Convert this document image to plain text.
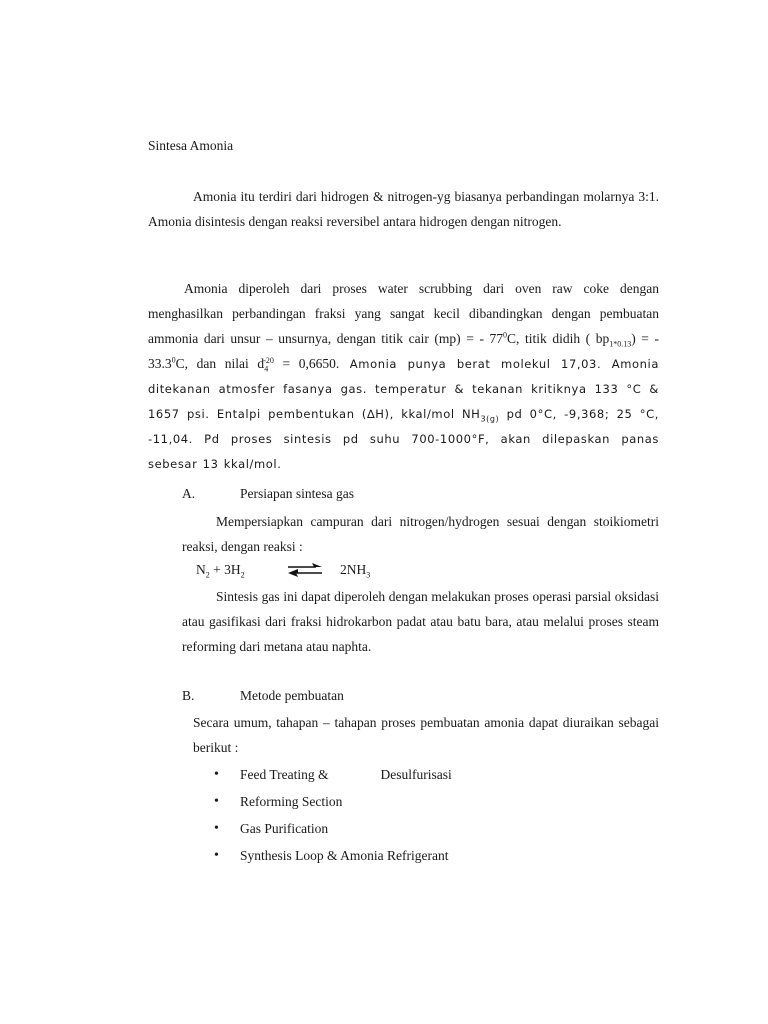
Sintesa Amonia
Amonia itu terdiri dari hidrogen & nitrogen-yg biasanya perbandingan molarnya 3:1. Amonia disintesis dengan reaksi reversibel antara hidrogen dengan nitrogen.
Amonia diperoleh dari proses water scrubbing dari oven raw coke dengan menghasilkan perbandingan fraksi yang sangat kecil dibandingkan dengan pembuatan ammonia dari unsur – unsurnya, dengan titik cair (mp) = - $77^0C$, titik didih ( $bp_{1*0.13}$) = - 33.3$^0$C, dan nilai $d_4^{-20} = 0,6650$. Amonia punya berat molekul 17,03. Amonia ditekanan atmosfer fasanya gas. temperatur & tekanan kritiknya 133 °C & 1657 psi. Entalpi pembentukan (∆H), kkal/mol $NH_{3(g)}$ pd 0°C, -9,368; 25 °C, -11,04. Pd proses sintesis pd suhu 700-1000°F, akan dilepaskan panas sebesar 13 kkal/mol.
A.	Persiapan sintesa gas
Mempersiapkan campuran dari nitrogen/hydrogen sesuai dengan stoikiometri reaksi, dengan reaksi :
$N_2 + 3H_2$	⇌ $2NH_3$
Sintesis gas ini dapat diperoleh dengan melakukan proses operasi parsial oksidasi atau gasifikasi dari fraksi hidrokarbon padat atau batu bara, atau melalui proses steam reforming dari metana atau naphta.
B.	Metode pembuatan
Secara umum, tahapan – tahapan proses pembuatan amonia dapat diuraikan sebagai berikut :
•	Feed Treating &	Desulfurisasi
•	Reforming Section
•	Gas Purification
•	Synthesis Loop & Amonia Refrigerant
